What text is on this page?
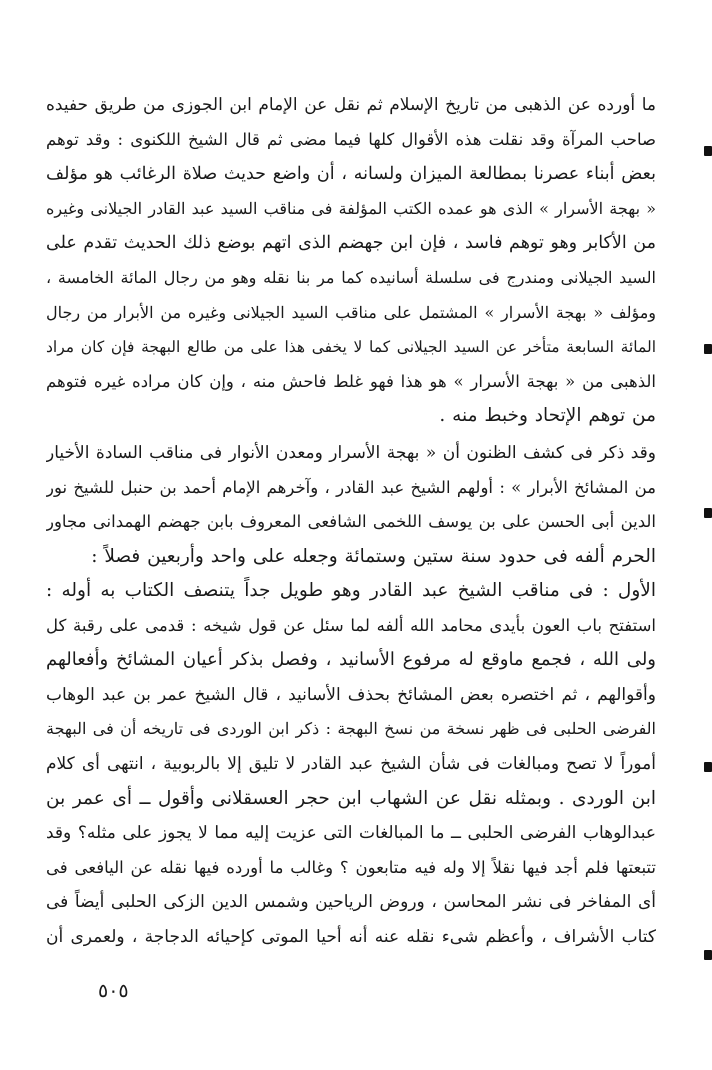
ما أورده عن الذهبى من تاريخ الإسلام ثم نقل عن الإمام ابن الجوزى من طريق حفيده
صاحب المرآة وقد نقلت هذه الأقوال كلها فيما مضى ثم قال الشيخ اللكنوى : وقد توهم
بعض أبناء عصرنا بمطالعة الميزان ولسانه ، أن واضع حديث صلاة الرغائب هو مؤلف
« بهجة الأسرار » الذى هو عمده الكتب المؤلفة فى مناقب السيد عبد القادر الجيلانى وغيره
من الأكابر وهو توهم فاسد ، فإن ابن جهضم الذى اتهم بوضع ذلك الحديث تقدم على
السيد الجيلانى ومندرج فى سلسلة أسانيده كما مر بنا نقله وهو من رجال المائة الخامسة ،
ومؤلف « بهجة الأسرار » المشتمل على مناقب السيد الجيلانى وغيره من الأبرار من رجال
المائة السابعة متأخر عن السيد الجيلانى كما لا يخفى هذا على من طالع البهجة فإن كان مراد
الذهبى من « بهجة الأسرار » هو هذا فهو غلط فاحش منه ، وإن كان مراده غيره فتوهم
من توهم الإتحاد وخبط منه .
وقد ذكر فى كشف الظنون أن « بهجة الأسرار ومعدن الأنوار فى مناقب السادة الأخيار
من المشائخ الأبرار » : أولهم الشيخ عبد القادر ، وآخرهم الإمام أحمد بن حنبل للشيخ نور
الدين أبى الحسن على بن يوسف اللخمى الشافعى المعروف بابن جهضم الهمدانى مجاور
الحرم ألفه فى حدود سنة ستين وستمائة وجعله على واحد وأربعين فصلاً :
الأول : فى مناقب الشيخ عبد القادر وهو طويل جداً يتنصف الكتاب به أوله :
استفتح باب العون بأيدى محامد الله ألفه لما سئل عن قول شيخه : قدمى على رقبة كل
ولى الله ، فجمع ماوقع له مرفوع الأسانيد ، وفصل بذكر أعيان المشائخ وأفعالهم
وأقوالهم ، ثم اختصره بعض المشائخ بحذف الأسانيد ، قال الشيخ عمر بن عبد الوهاب
الفرضى الحلبى فى ظهر نسخة من نسخ البهجة : ذكر ابن الوردى فى تاريخه أن فى البهجة
أموراً لا تصح ومبالغات فى شأن الشيخ عبد القادر لا تليق إلا بالربوبية ، انتهى أى كلام
ابن الوردى . وبمثله نقل عن الشهاب ابن حجر العسقلانى وأقول ــ أى عمر بن
عبدالوهاب الفرضى الحلبى ــ ما المبالغات التى عزيت إليه مما لا يجوز على مثله؟ وقد
تتبعتها فلم أجد فيها نقلاً إلا وله فيه متابعون ؟ وغالب ما أورده فيها نقله عن اليافعى فى
أى المفاخر فى نشر المحاسن ، وروض الرياحين وشمس الدين الزكى الحلبى أيضاً فى
كتاب الأشراف ، وأعظم شىء نقله عنه أنه أحيا الموتى كإحيائه الدجاجة ، ولعمرى أن
٥٠٥
